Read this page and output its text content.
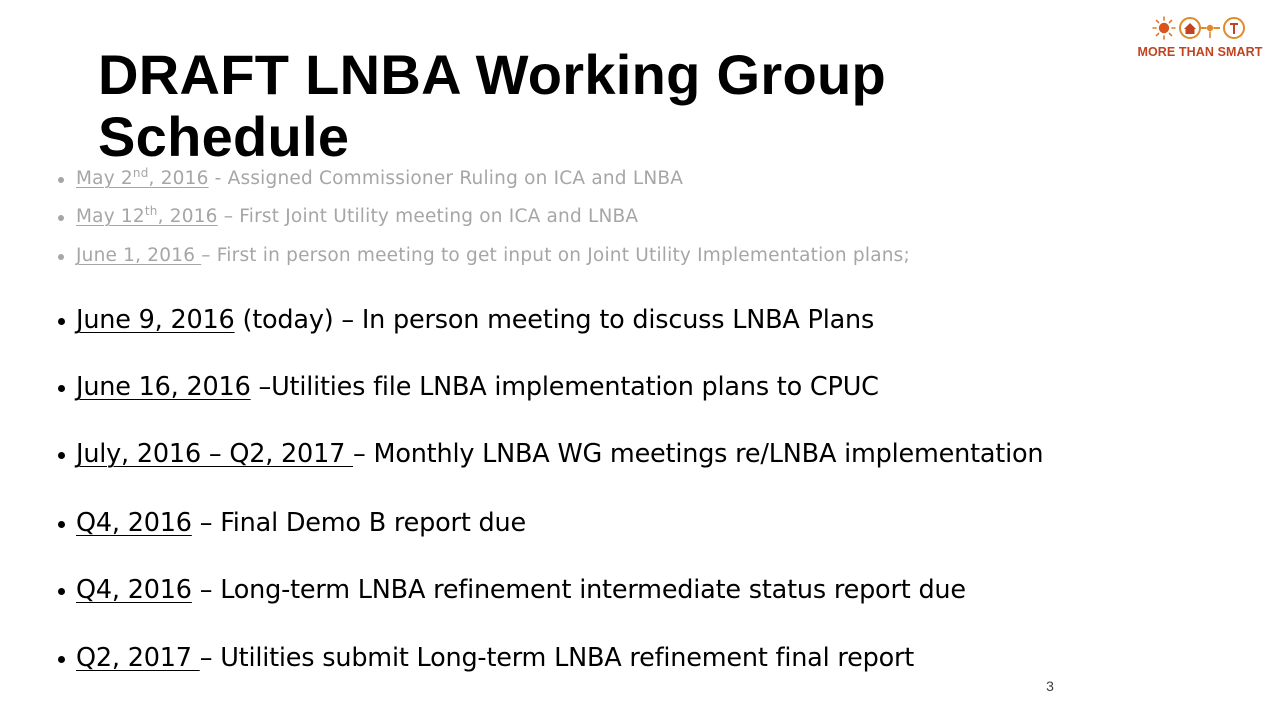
DRAFT LNBA Working Group Schedule
MORE THAN SMART
May 2nd, 2016 - Assigned Commissioner Ruling on ICA and LNBA
May 12th, 2016 – First Joint Utility meeting on ICA and LNBA
June 1, 2016 – First in person meeting to get input on Joint Utility Implementation plans;
June 9, 2016 (today) – In person meeting to discuss LNBA Plans
June 16, 2016 –Utilities file LNBA implementation plans to CPUC
July, 2016 – Q2, 2017 – Monthly LNBA WG meetings re/LNBA implementation
Q4, 2016 – Final Demo B report due
Q4, 2016 – Long-term LNBA refinement intermediate status report due
Q2, 2017 – Utilities submit Long-term LNBA refinement final report
3
